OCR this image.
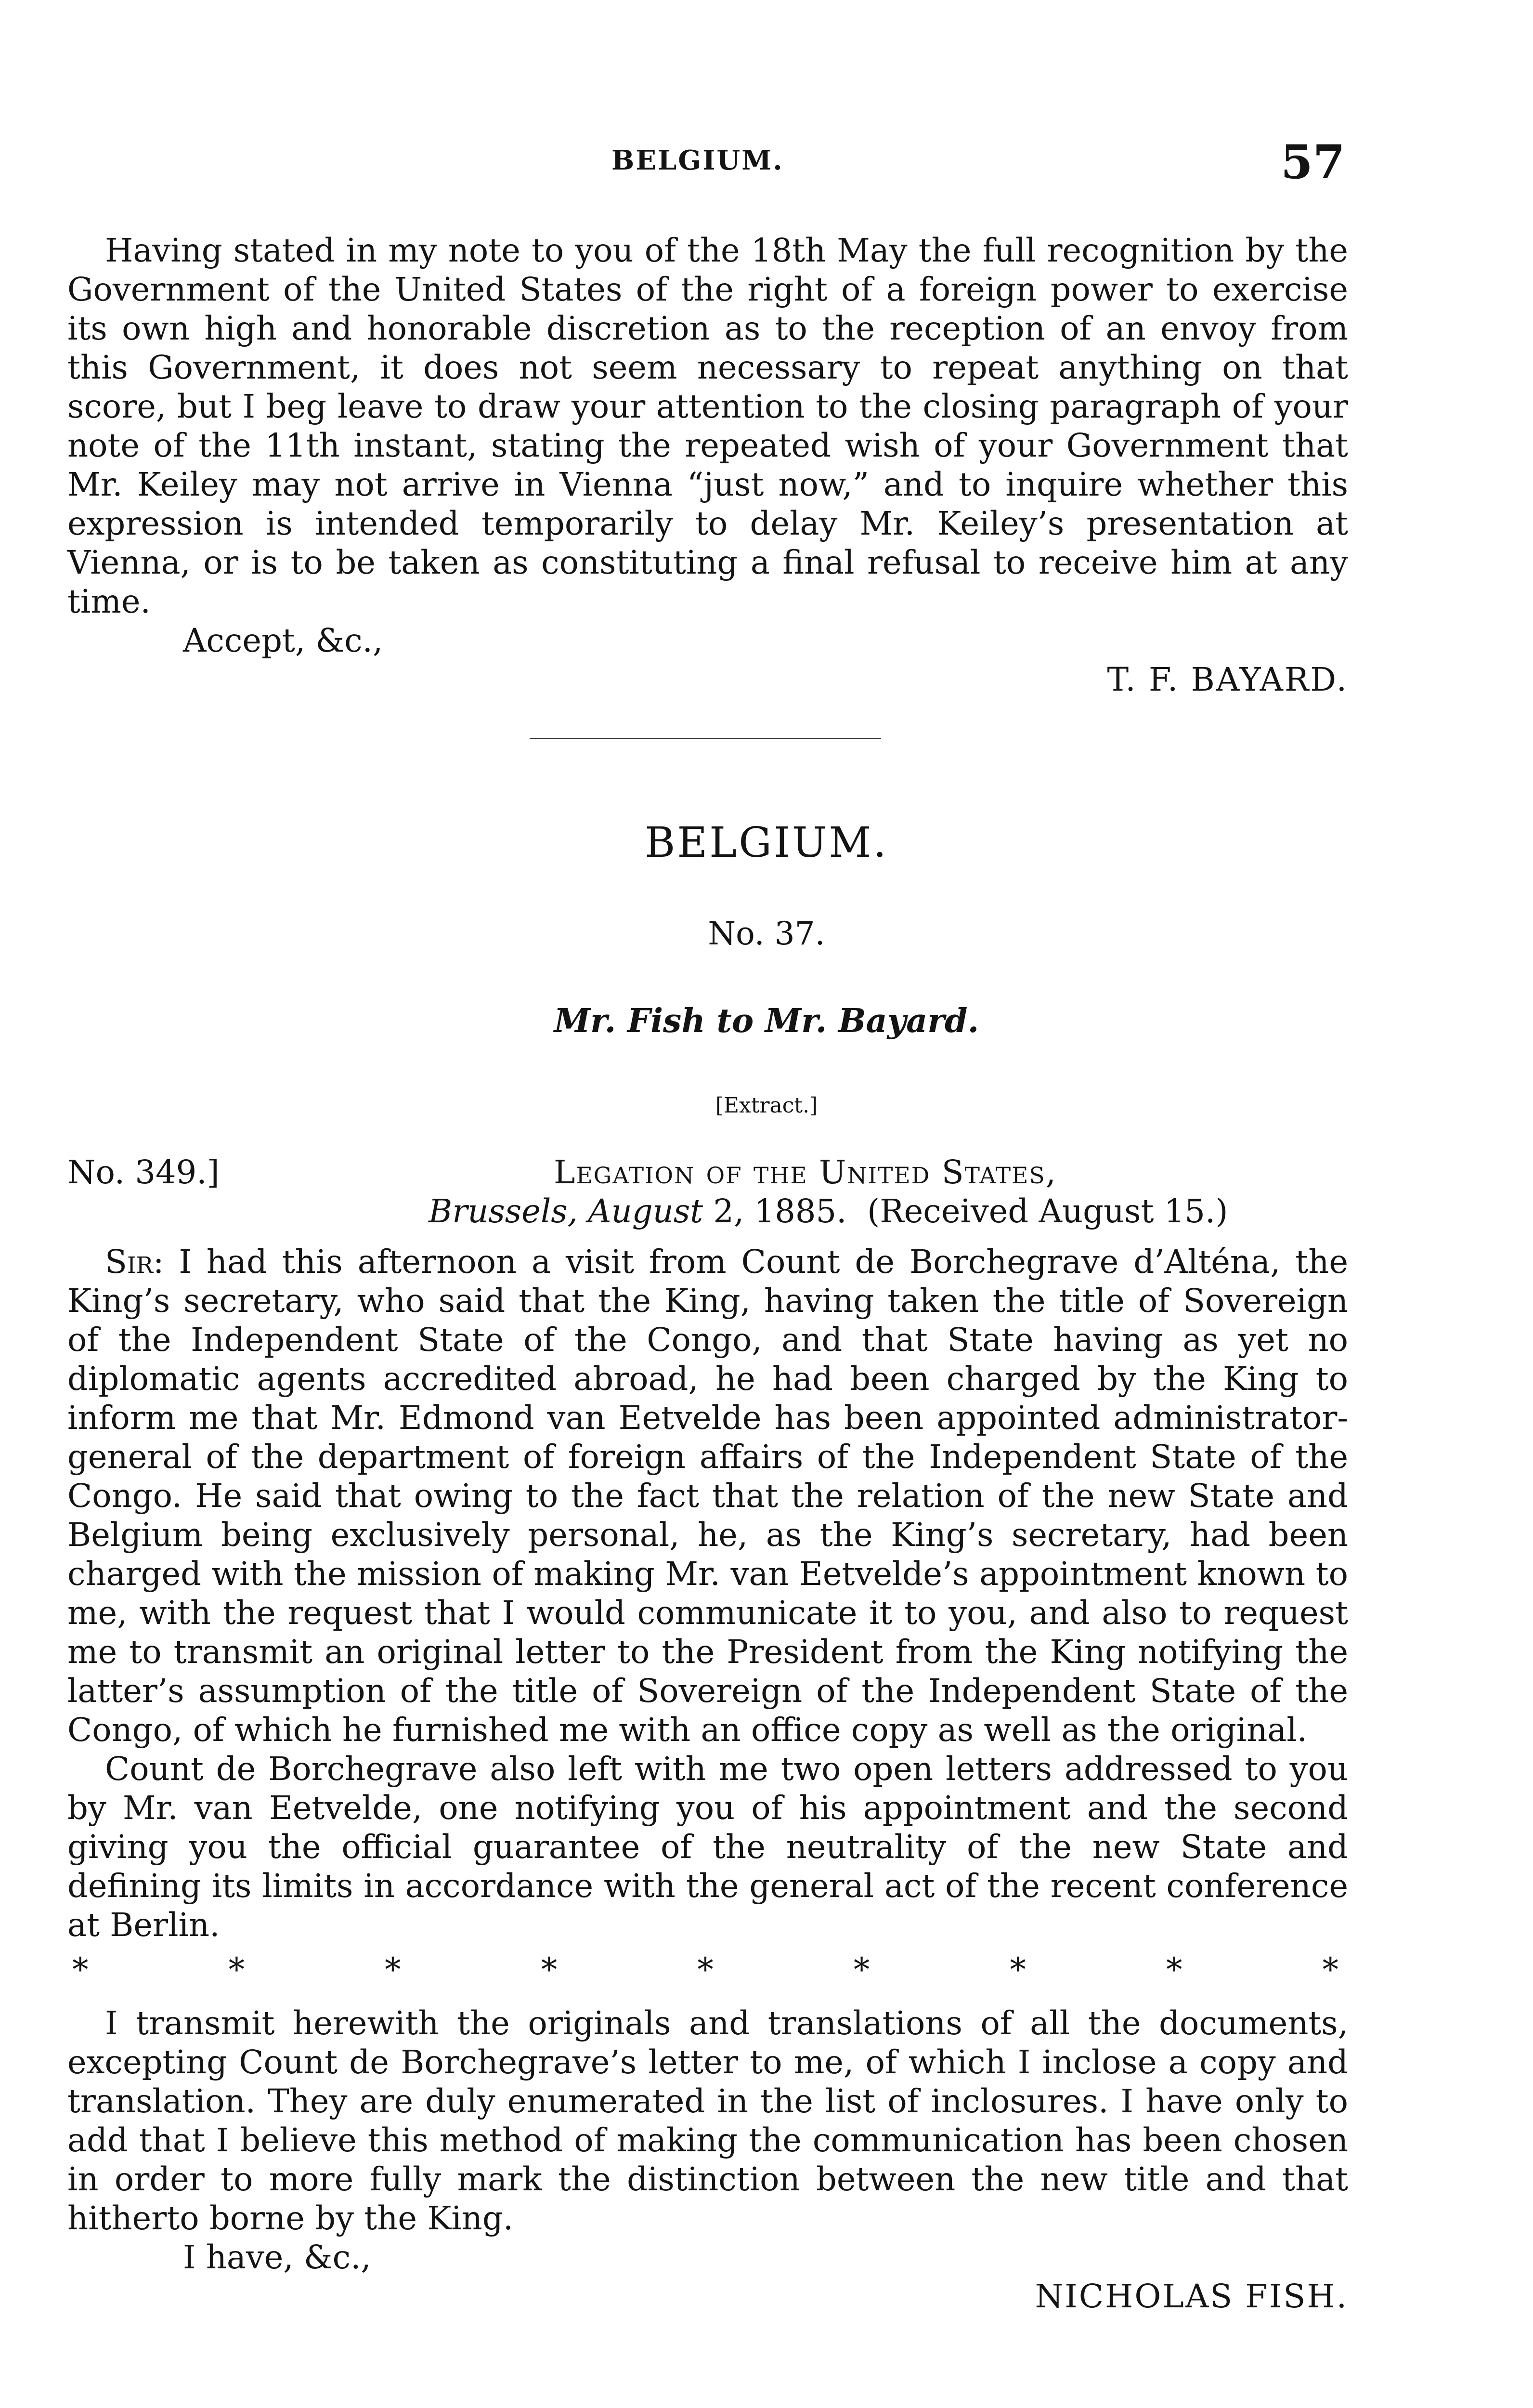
BELGIUM.	57

Having stated in my note to you of the 18th May the full recognition by the Government of the United States of the right of a foreign power to exercise its own high and honorable discretion as to the reception of an envoy from this Government, it does not seem necessary to repeat anything on that score, but I beg leave to draw your attention to the closing paragraph of your note of the 11th instant, stating the repeated wish of your Government that Mr. Keiley may not arrive in Vienna “just now,” and to inquire whether this expression is intended temporarily to delay Mr. Keiley’s presentation at Vienna, or is to be taken as constituting a final refusal to receive him at any time.

Accept, &c.,

T. F. BAYARD.

BELGIUM.
No. 37.
Mr. Fish to Mr. Bayard.
[Extract.]
No. 349.]	Legation of the United States,
Brussels, August 2, 1885. (Received August 15.)

Sir: I had this afternoon a visit from Count de Borchegrave d’Alténa, the King’s secretary, who said that the King, having taken the title of Sovereign of the Independent State of the Congo, and that State having as yet no diplomatic agents accredited abroad, he had been charged by the King to inform me that Mr. Edmond van Eetvelde has been appointed administrator-general of the department of foreign affairs of the Independent State of the Congo. He said that owing to the fact that the relation of the new State and Belgium being exclusively personal, he, as the King’s secretary, had been charged with the mission of making Mr. van Eetvelde’s appointment known to me, with the request that I would communicate it to you, and also to request me to transmit an original letter to the President from the King notifying the latter’s assumption of the title of Sovereign of the Independent State of the Congo, of which he furnished me with an office copy as well as the original.

Count de Borchegrave also left with me two open letters addressed to you by Mr. van Eetvelde, one notifying you of his appointment and the second giving you the official guarantee of the neutrality of the new State and defining its limits in accordance with the general act of the recent conference at Berlin.

*	*	*	*	*	*	*	*	*

I transmit herewith the originals and translations of all the documents, excepting Count de Borchegrave’s letter to me, of which I inclose a copy and translation. They are duly enumerated in the list of inclosures. I have only to add that I believe this method of making the communication has been chosen in order to more fully mark the distinction between the new title and that hitherto borne by the King.

I have, &c.,

NICHOLAS FISH.
